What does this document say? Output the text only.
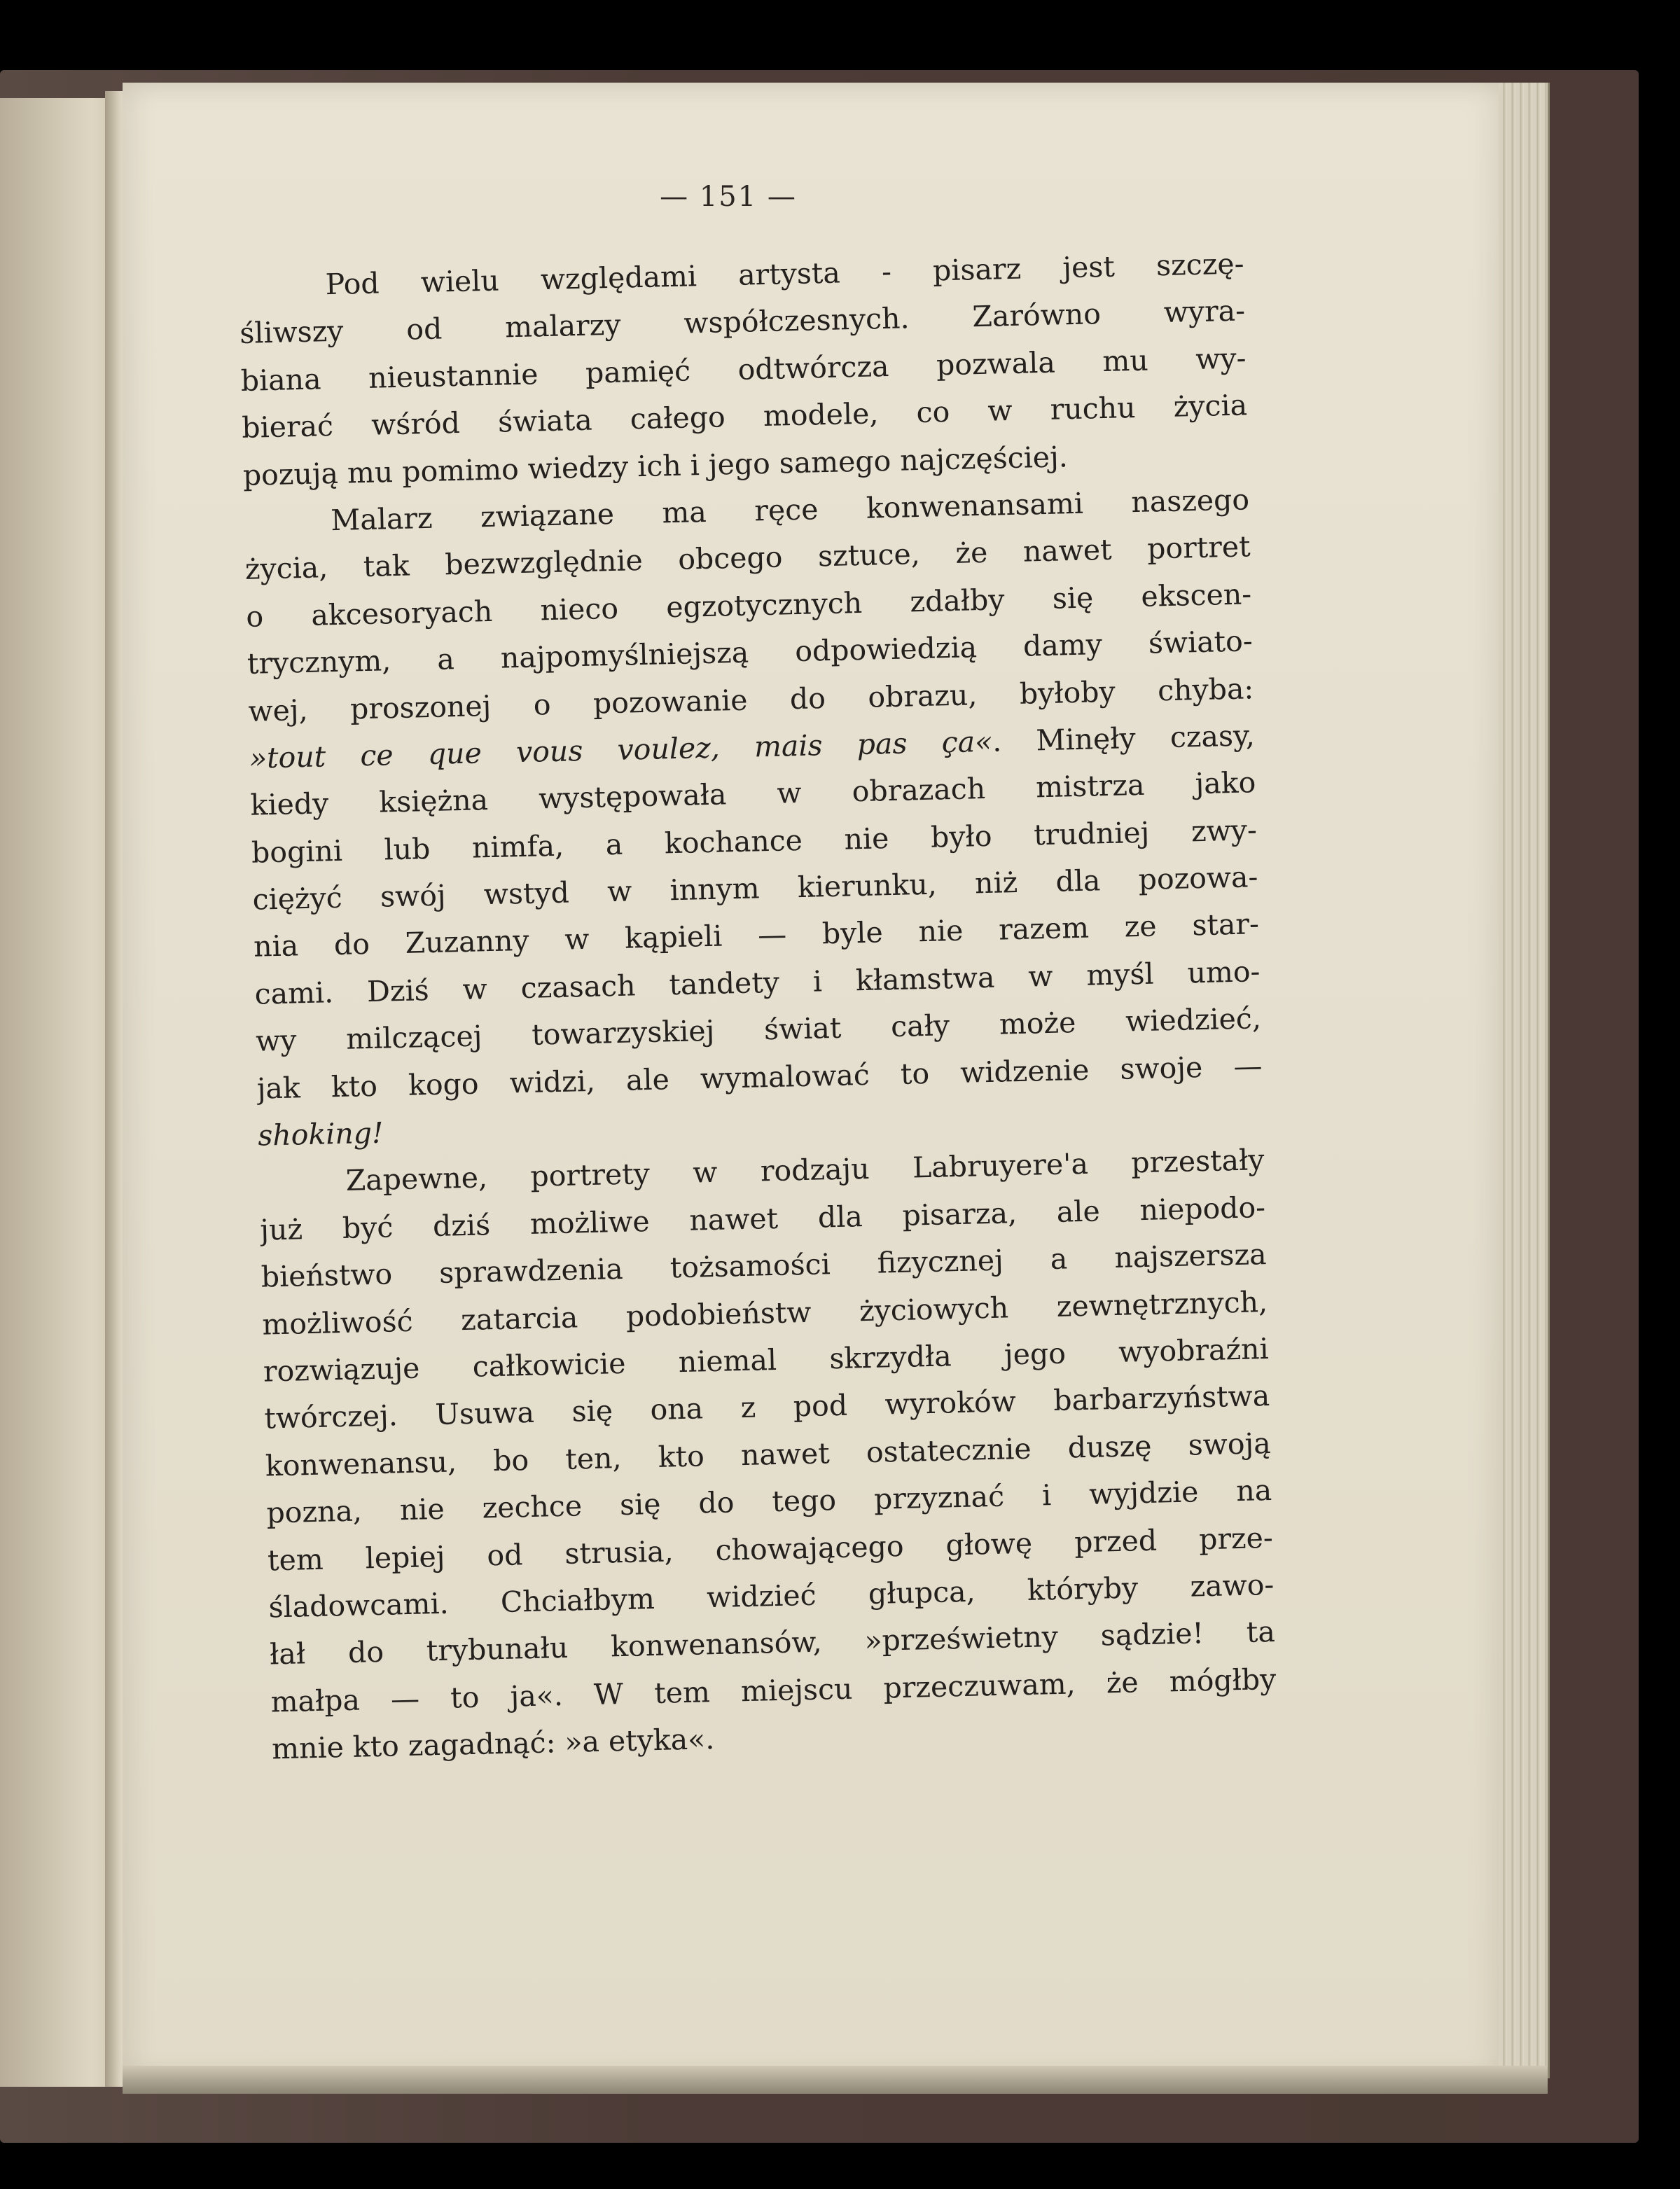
— 151 —
Pod wielu względami artysta - pisarz jest szczę-
śliwszy od malarzy współczesnych. Zarówno wyra-
biana nieustannie pamięć odtwórcza pozwala mu wy-
bierać wśród świata całego modele, co w ruchu życia
pozują mu pomimo wiedzy ich i jego samego najczęściej.
Malarz związane ma ręce konwenansami naszego
życia, tak bezwzględnie obcego sztuce, że nawet portret
o akcesoryach nieco egzotycznych zdałby się ekscen-
trycznym, a najpomyślniejszą odpowiedzią damy świato-
wej, proszonej o pozowanie do obrazu, byłoby chyba:
»tout ce que vous voulez, mais pas ça«. Minęły czasy,
kiedy księżna występowała w obrazach mistrza jako
bogini lub nimfa, a kochance nie było trudniej zwy-
ciężyć swój wstyd w innym kierunku, niż dla pozowa-
nia do Zuzanny w kąpieli — byle nie razem ze star-
cami. Dziś w czasach tandety i kłamstwa w myśl umo-
wy milczącej towarzyskiej świat cały może wiedzieć,
jak kto kogo widzi, ale wymalować to widzenie swoje —
shoking!
Zapewne, portrety w rodzaju Labruyere'a przestały
już być dziś możliwe nawet dla pisarza, ale niepodo-
bieństwo sprawdzenia tożsamości fizycznej a najszersza
możliwość zatarcia podobieństw życiowych zewnętrznych,
rozwiązuje całkowicie niemal skrzydła jego wyobraźni
twórczej. Usuwa się ona z pod wyroków barbarzyństwa
konwenansu, bo ten, kto nawet ostatecznie duszę swoją
pozna, nie zechce się do tego przyznać i wyjdzie na
tem lepiej od strusia, chowającego głowę przed prze-
śladowcami. Chciałbym widzieć głupca, któryby zawo-
łał do trybunału konwenansów, »prześwietny sądzie! ta
małpa — to ja«. W tem miejscu przeczuwam, że mógłby
mnie kto zagadnąć: »a etyka«.
